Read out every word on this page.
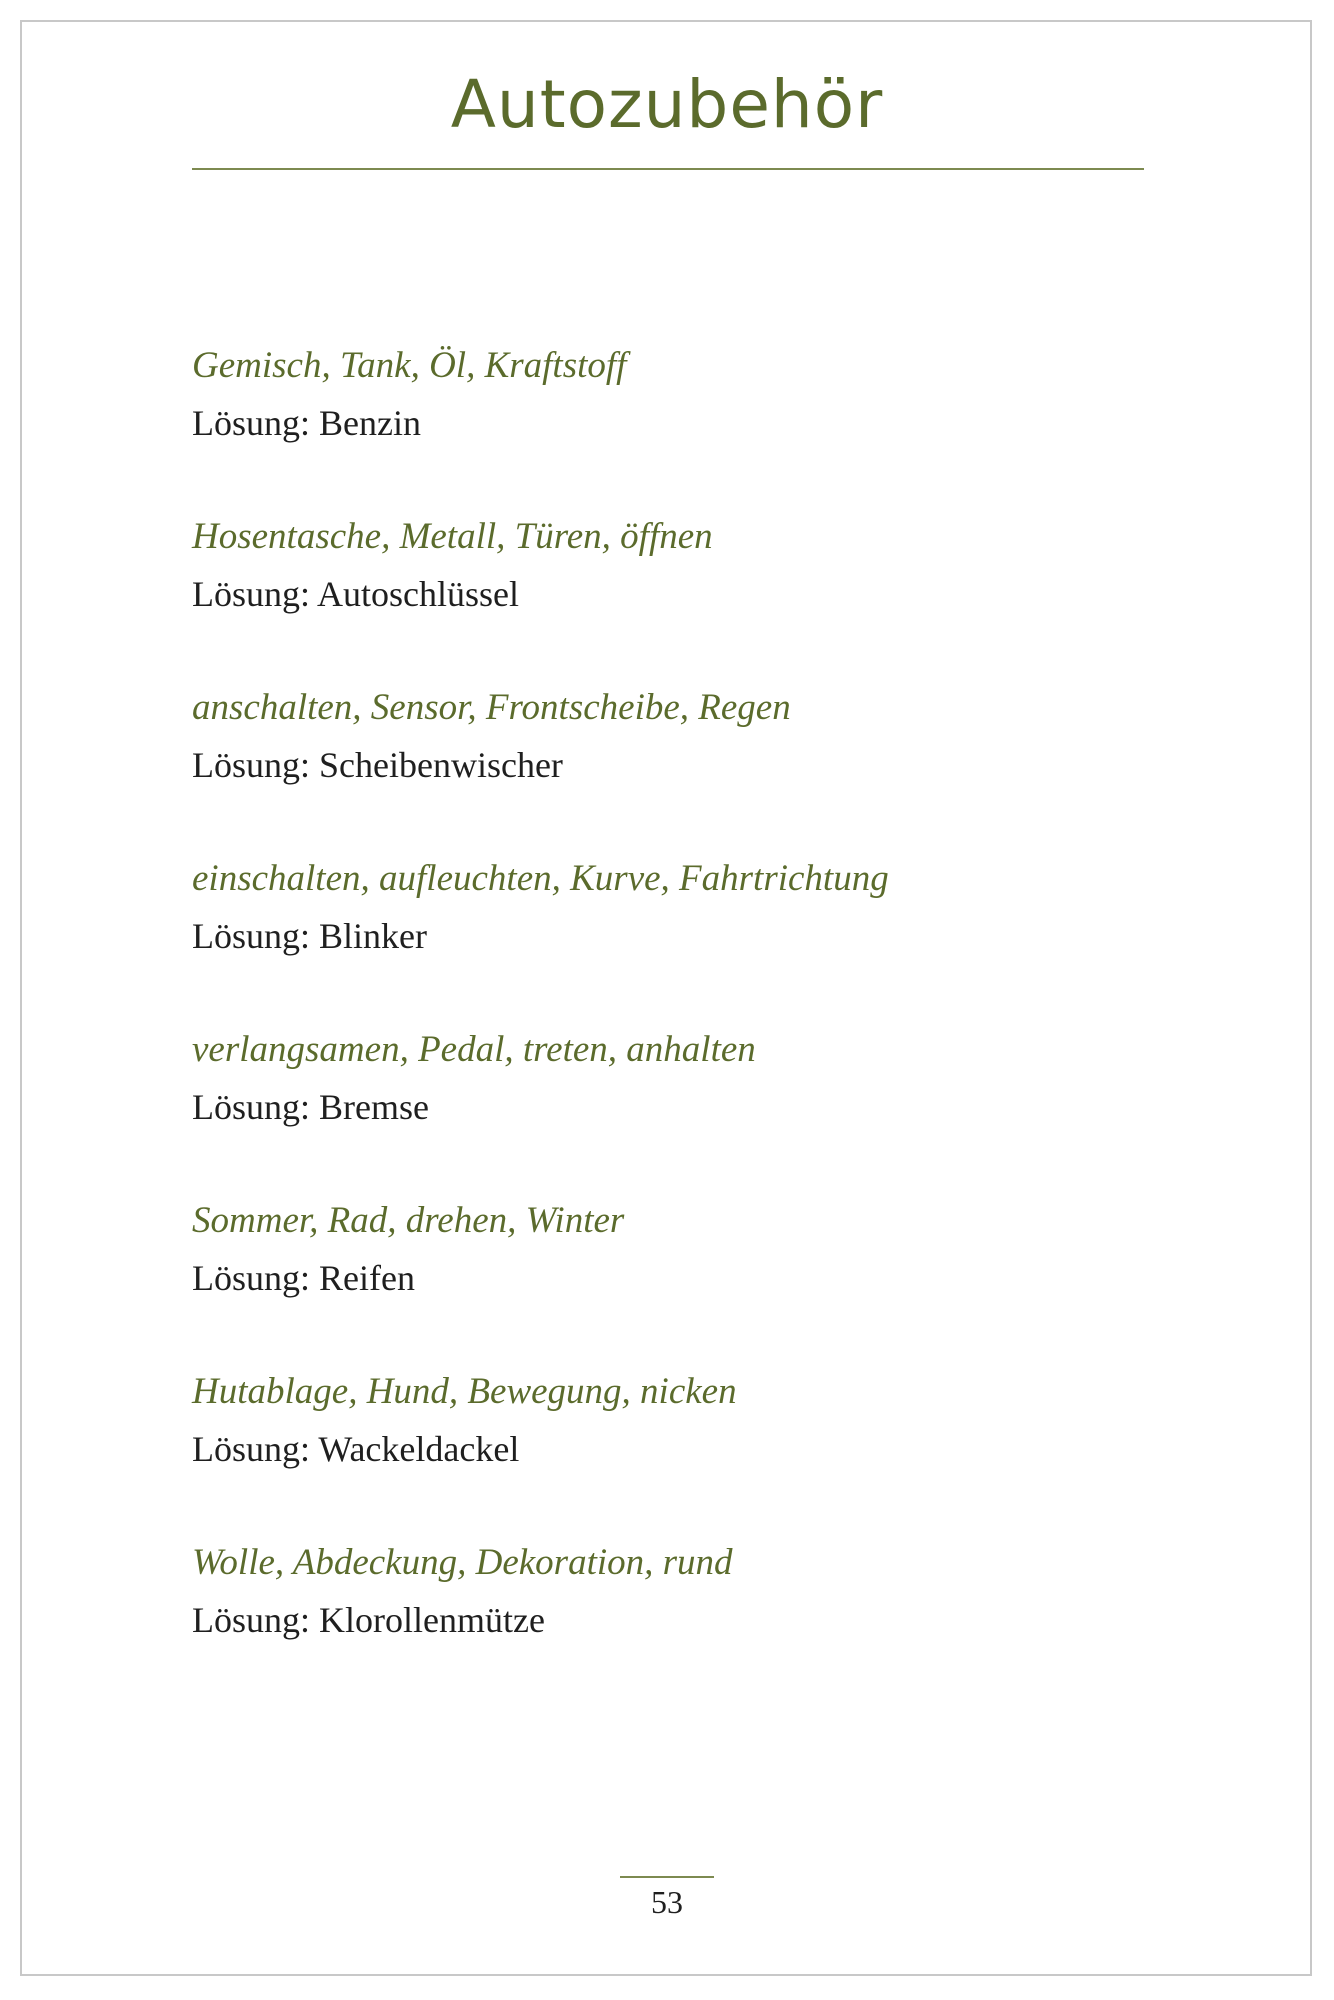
Autozubehör
Gemisch, Tank, Öl, Kraftstoff
Lösung: Benzin
Hosentasche, Metall, Türen, öffnen
Lösung: Autoschlüssel
anschalten, Sensor, Frontscheibe, Regen
Lösung: Scheibenwischer
einschalten, aufleuchten, Kurve, Fahrtrichtung
Lösung: Blinker
verlangsamen, Pedal, treten, anhalten
Lösung: Bremse
Sommer, Rad, drehen, Winter
Lösung: Reifen
Hutablage, Hund, Bewegung, nicken
Lösung: Wackeldackel
Wolle, Abdeckung, Dekoration, rund
Lösung: Klorollenmütze
53
